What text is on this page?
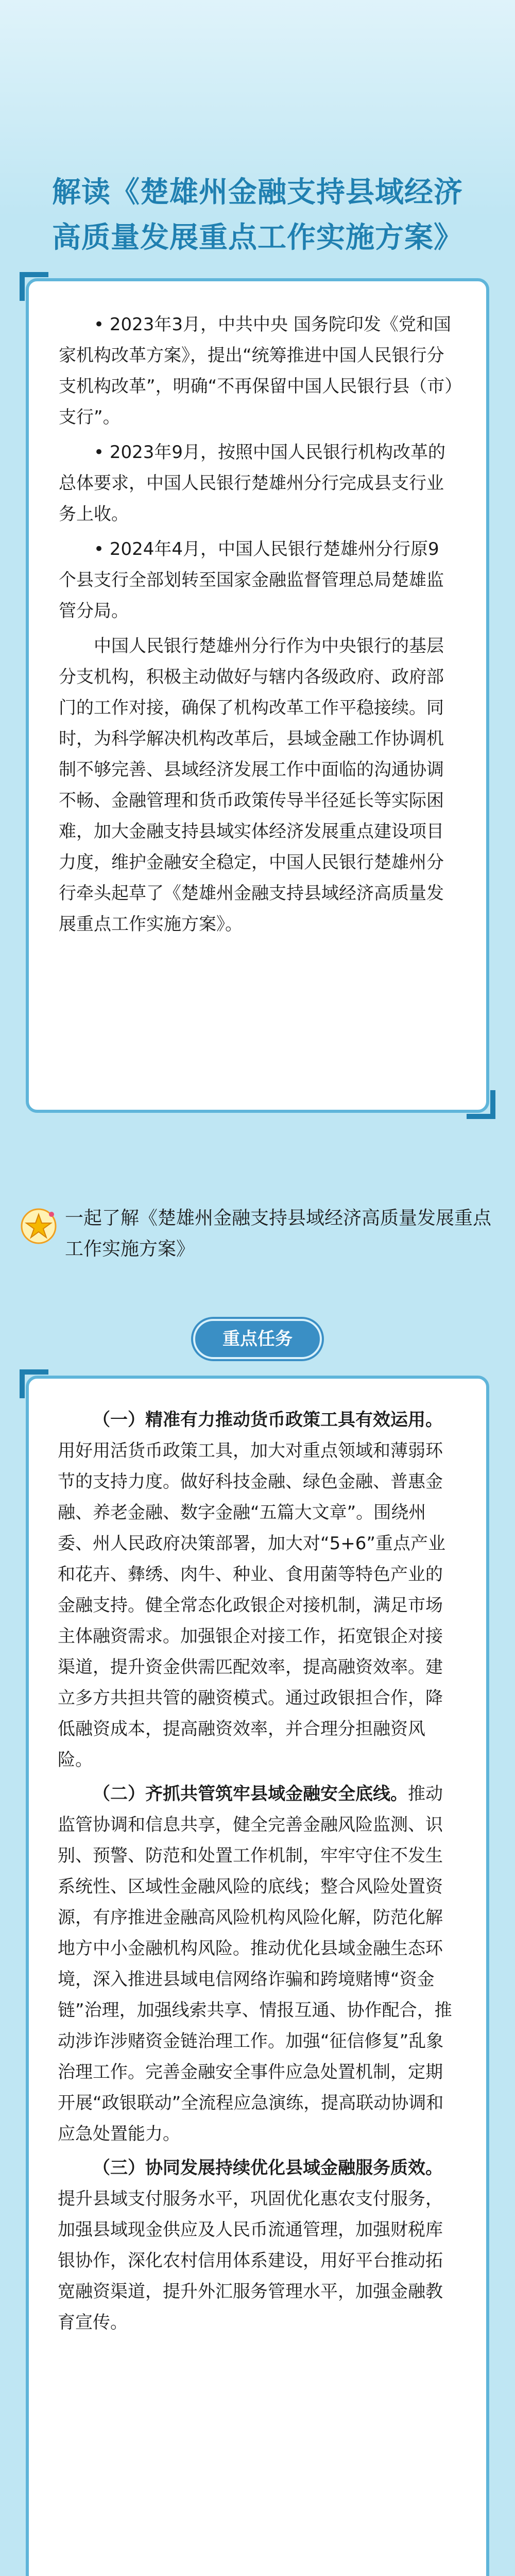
解读《楚雄州金融支持县域经济
高质量发展重点工作实施方案》

• 2023年3月，中共中央 国务院印发《党和国家机构改革方案》，提出“统筹推进中国人民银行分支机构改革”，明确“不再保留中国人民银行县（市）支行”。

• 2023年9月，按照中国人民银行机构改革的总体要求，中国人民银行楚雄州分行完成县支行业务上收。

• 2024年4月，中国人民银行楚雄州分行原9个县支行全部划转至国家金融监督管理总局楚雄监管分局。

中国人民银行楚雄州分行作为中央银行的基层分支机构，积极主动做好与辖内各级政府、政府部门的工作对接，确保了机构改革工作平稳接续。同时，为科学解决机构改革后，县域金融工作协调机制不够完善、县域经济发展工作中面临的沟通协调不畅、金融管理和货币政策传导半径延长等实际困难，加大金融支持县域实体经济发展重点建设项目力度，维护金融安全稳定，中国人民银行楚雄州分行牵头起草了《楚雄州金融支持县域经济高质量发展重点工作实施方案》。

一起了解《楚雄州金融支持县域经济高质量发展重点工作实施方案》
重点任务

（一）精准有力推动货币政策工具有效运用。用好用活货币政策工具，加大对重点领域和薄弱环节的支持力度。做好科技金融、绿色金融、普惠金融、养老金融、数字金融“五篇大文章”。围绕州委、州人民政府决策部署，加大对“5+6”重点产业和花卉、彝绣、肉牛、种业、食用菌等特色产业的金融支持。健全常态化政银企对接机制，满足市场主体融资需求。加强银企对接工作，拓宽银企对接渠道，提升资金供需匹配效率，提高融资效率。建立多方共担共管的融资模式。通过政银担合作，降低融资成本，提高融资效率，并合理分担融资风险。

（二）齐抓共管筑牢县域金融安全底线。推动监管协调和信息共享，健全完善金融风险监测、识别、预警、防范和处置工作机制，牢牢守住不发生系统性、区域性金融风险的底线；整合风险处置资源，有序推进金融高风险机构风险化解，防范化解地方中小金融机构风险。推动优化县域金融生态环境，深入推进县域电信网络诈骗和跨境赌博“资金链”治理，加强线索共享、情报互通、协作配合，推动涉诈涉赌资金链治理工作。加强“征信修复”乱象治理工作。完善金融安全事件应急处置机制，定期开展“政银联动”全流程应急演练，提高联动协调和应急处置能力。

（三）协同发展持续优化县域金融服务质效。提升县域支付服务水平，巩固优化惠农支付服务，加强县域现金供应及人民币流通管理，加强财税库银协作，深化农村信用体系建设，用好平台推动拓宽融资渠道，提升外汇服务管理水平，加强金融教育宣传。
